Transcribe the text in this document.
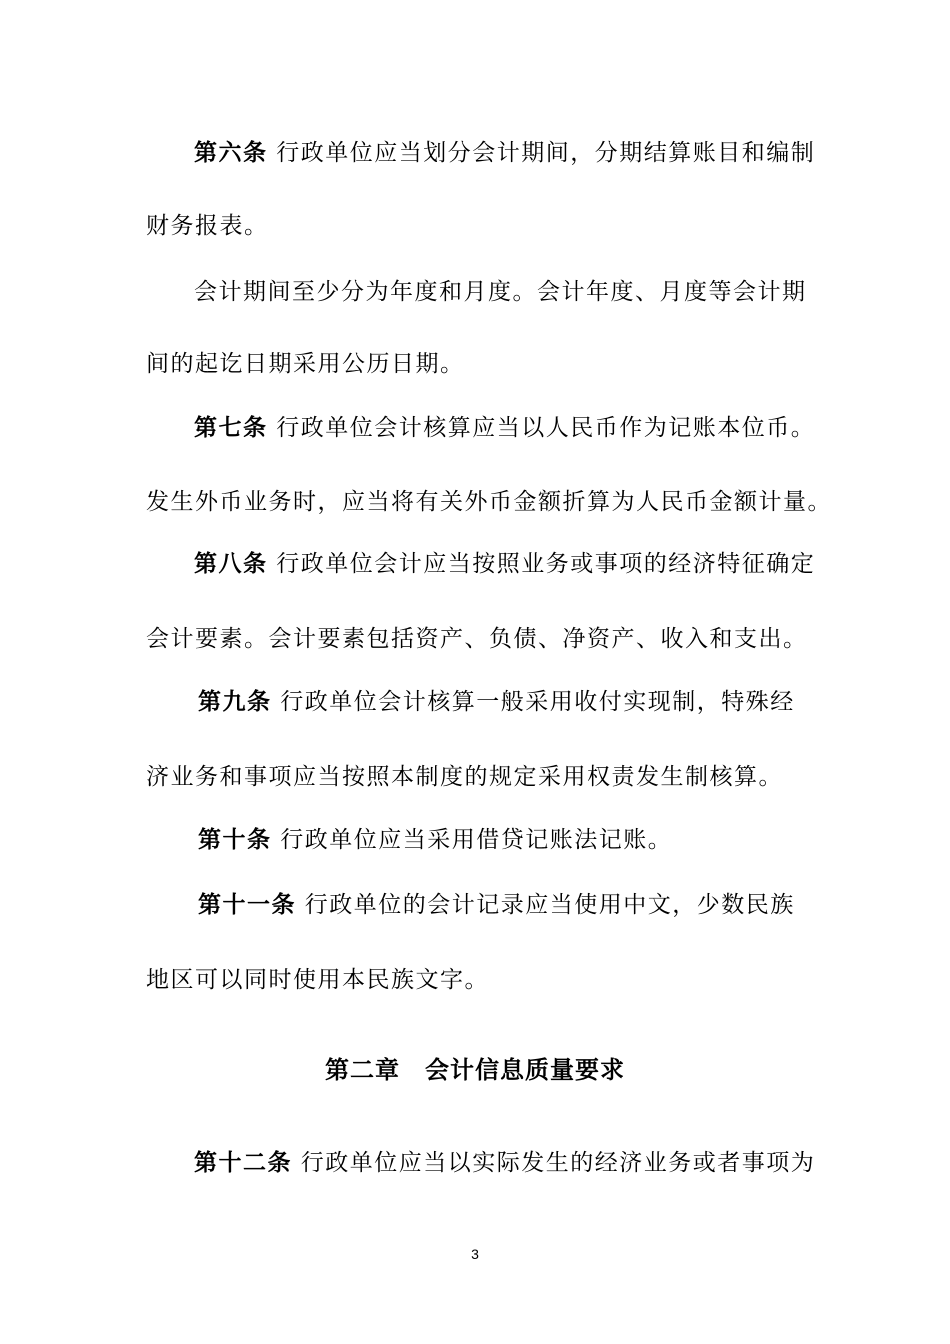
第六条 行政单位应当划分会计期间，分期结算账目和编制
财务报表。
会计期间至少分为年度和月度。会计年度、月度等会计期
间的起讫日期采用公历日期。
第七条 行政单位会计核算应当以人民币作为记账本位币。
发生外币业务时，应当将有关外币金额折算为人民币金额计量。
第八条 行政单位会计应当按照业务或事项的经济特征确定
会计要素。会计要素包括资产、负债、净资产、收入和支出。
第九条 行政单位会计核算一般采用收付实现制，特殊经
济业务和事项应当按照本制度的规定采用权责发生制核算。
第十条 行政单位应当采用借贷记账法记账。
第十一条 行政单位的会计记录应当使用中文，少数民族
地区可以同时使用本民族文字。
第二章　会计信息质量要求
第十二条 行政单位应当以实际发生的经济业务或者事项为
3
